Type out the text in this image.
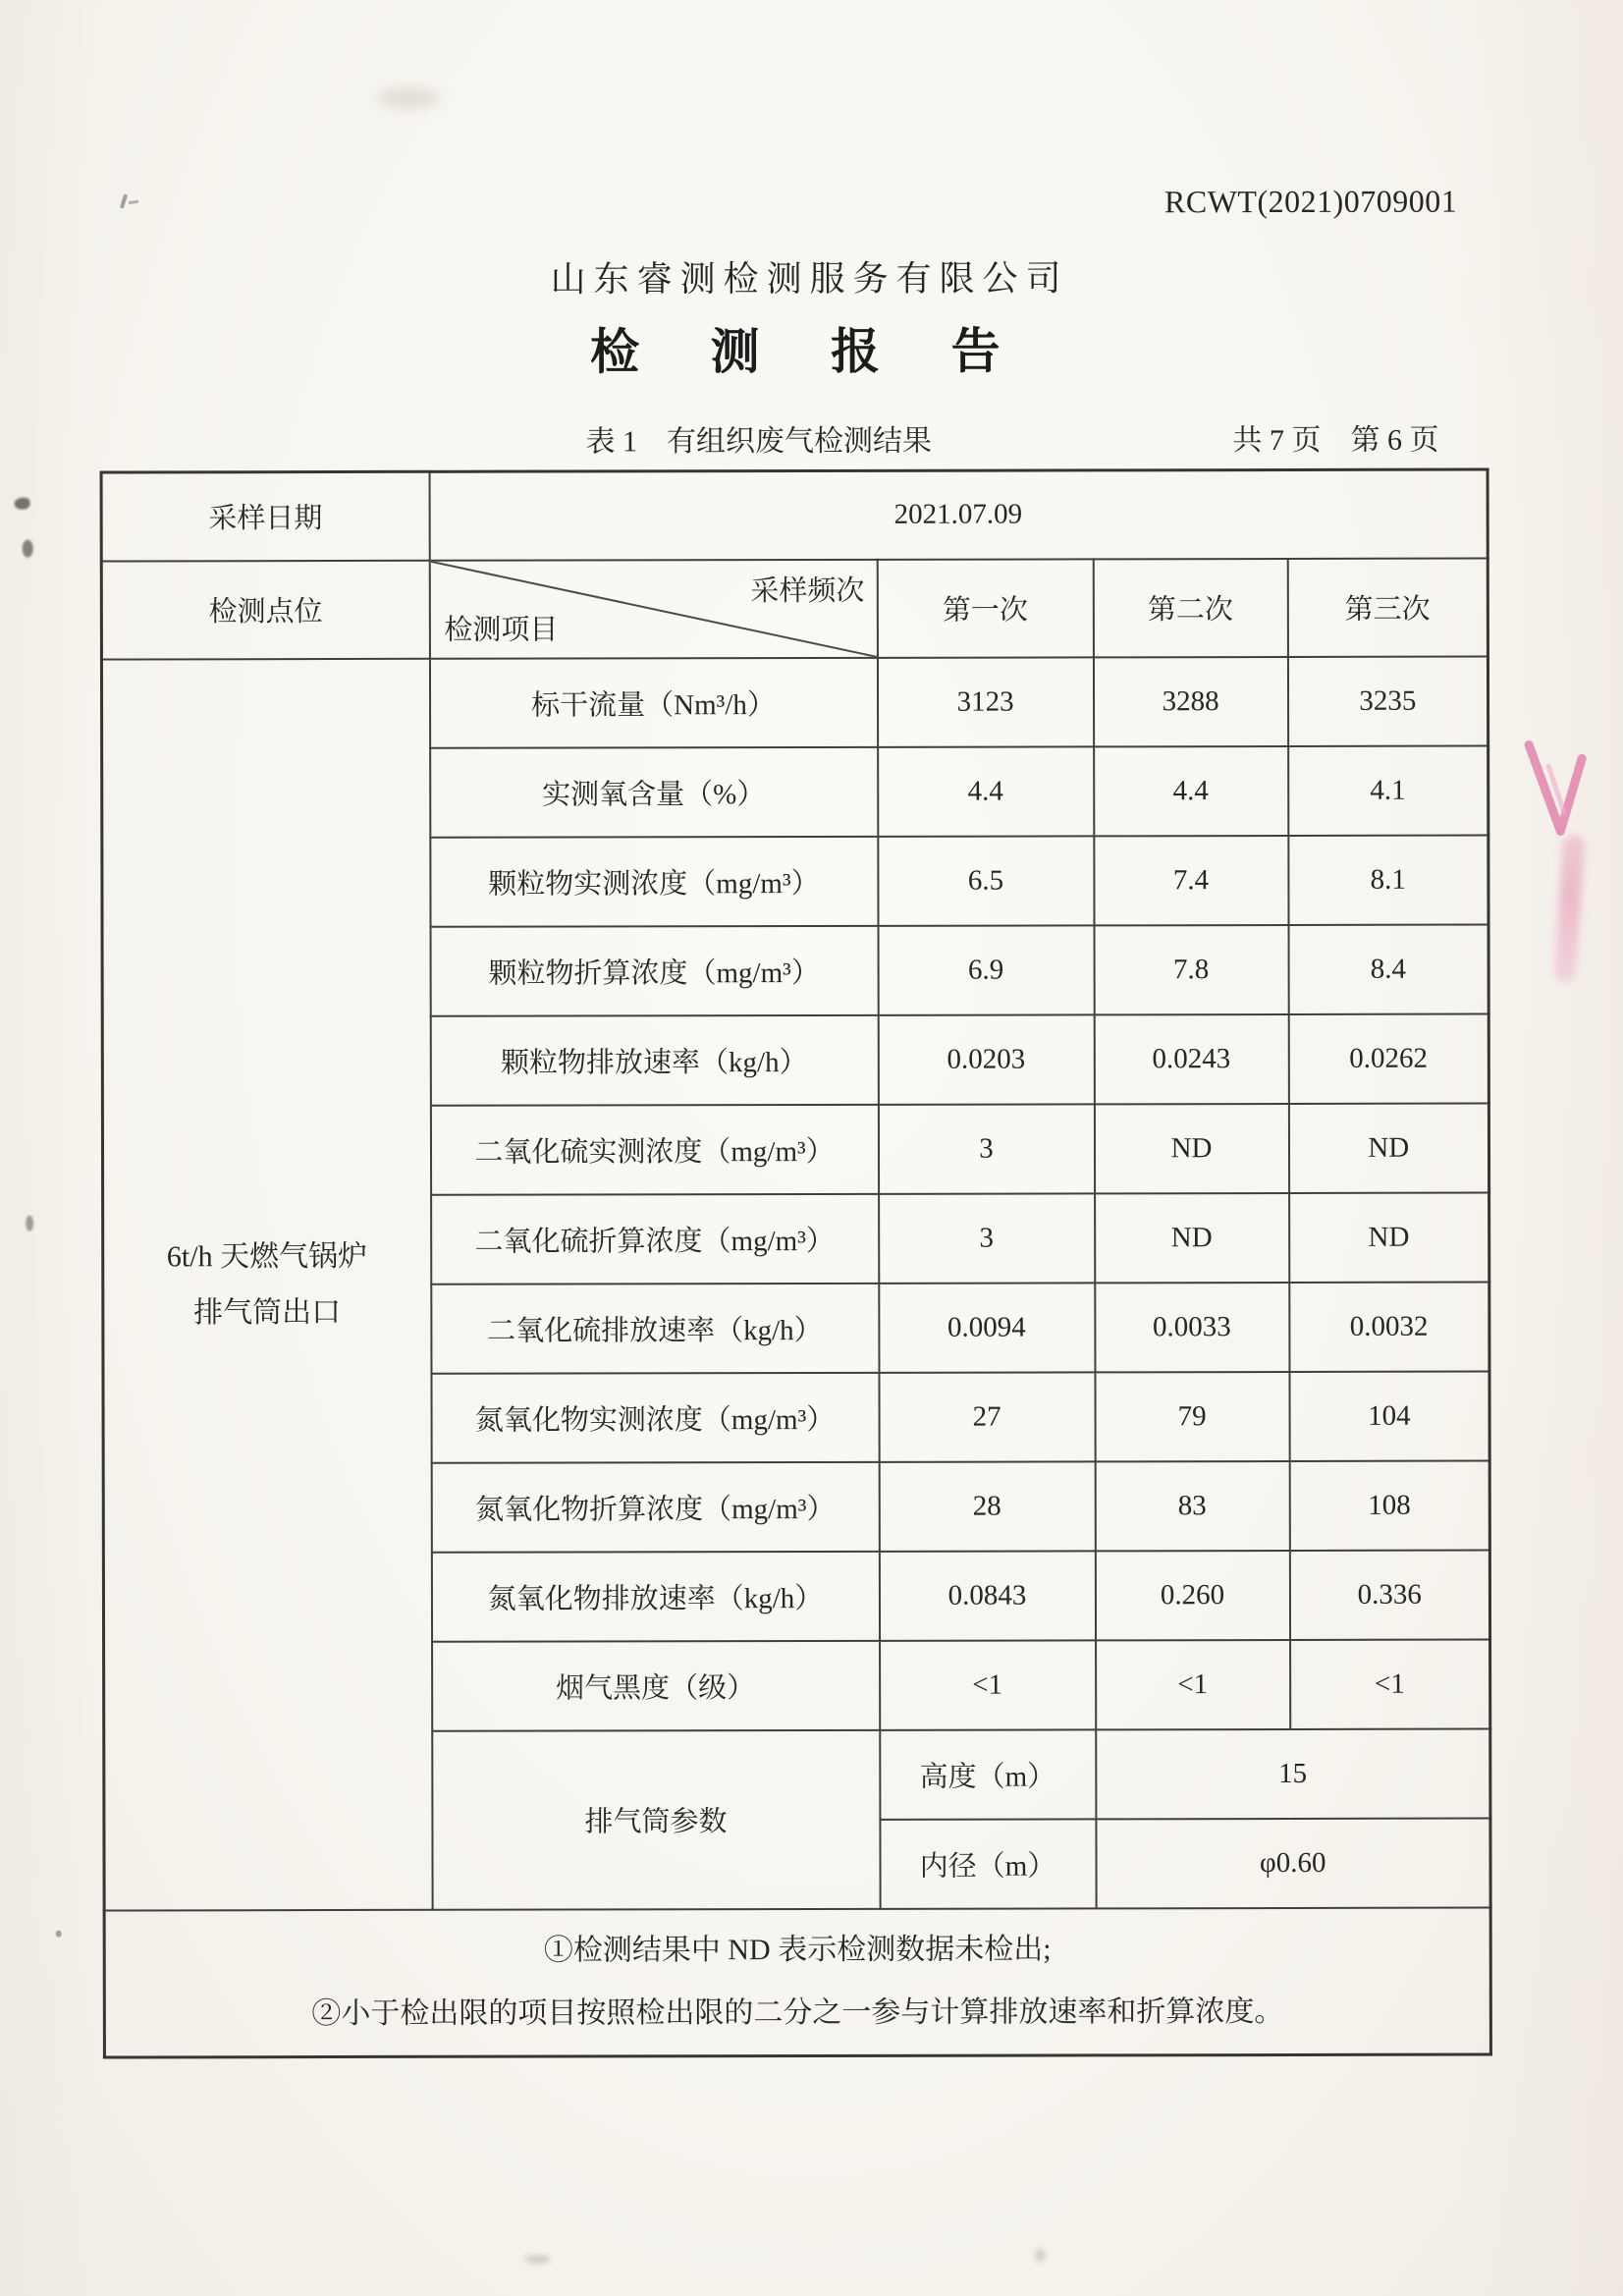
RCWT(2021)0709001
山东睿测检测服务有限公司
检 测 报 告
表 1　有组织废气检测结果	共 7 页　第 6 页
采样日期	2021.07.09			
检测点位	采样频次
检测项目	第一次	第二次	第三次

6t/h 天燃气锅炉
排气筒出口	标干流量（Nm³/h）	3123	3288	3235
	实测氧含量（%）	4.4	4.4	4.1
	颗粒物实测浓度（mg/m³）	6.5	7.4	8.1
	颗粒物折算浓度（mg/m³）	6.9	7.8	8.4
	颗粒物排放速率（kg/h）	0.0203	0.0243	0.0262
	二氧化硫实测浓度（mg/m³）	3	ND	ND
	二氧化硫折算浓度（mg/m³）	3	ND	ND
	二氧化硫排放速率（kg/h）	0.0094	0.0033	0.0032
	氮氧化物实测浓度（mg/m³）	27	79	104
	氮氧化物折算浓度（mg/m³）	28	83	108
	氮氧化物排放速率（kg/h）	0.0843	0.260	0.336
	烟气黑度（级）	<1	<1	<1
	排气筒参数	高度（m）	15	
		内径（m）	φ0.60	

①检测结果中 ND 表示检测数据未检出;
②小于检出限的项目按照检出限的二分之一参与计算排放速率和折算浓度。				
